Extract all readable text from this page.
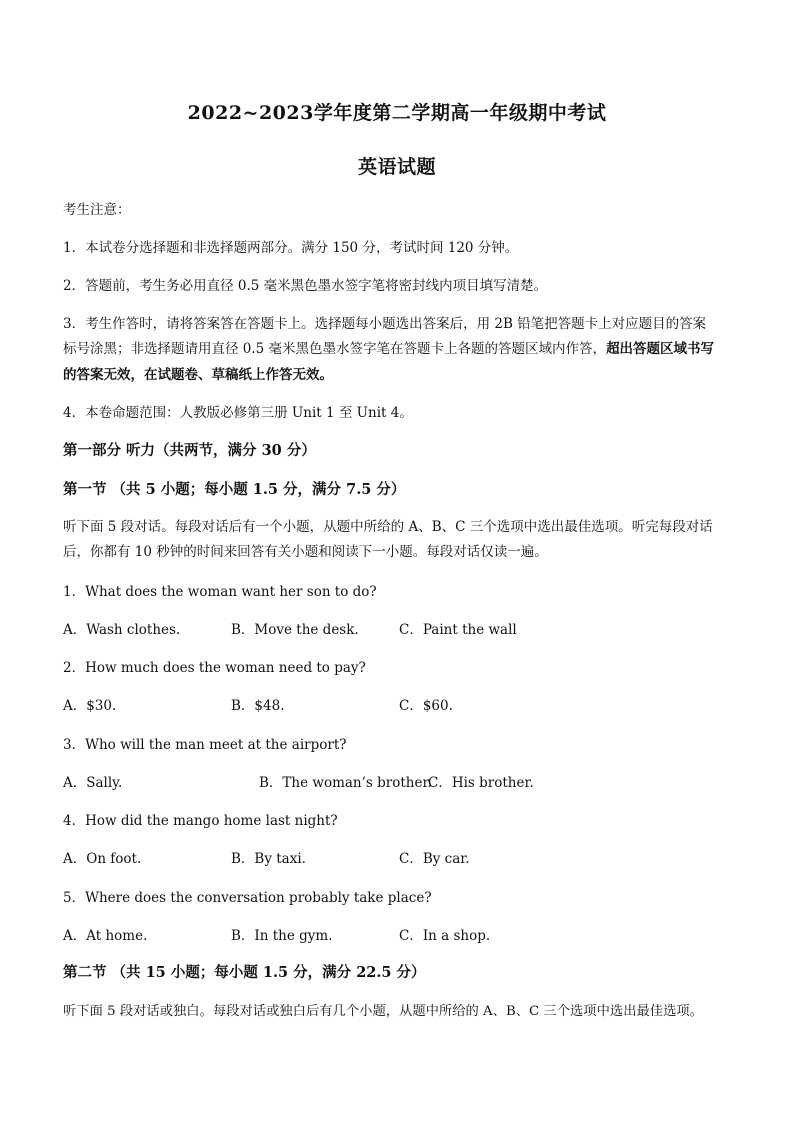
2022~2023学年度第二学期高一年级期中考试
英语试题
考生注意：
1．本试卷分选择题和非选择题两部分。满分 150 分，考试时间 120 分钟。
2．答题前，考生务必用直径 0.5 毫米黑色墨水签字笔将密封线内项目填写清楚。
3．考生作答时，请将答案答在答题卡上。选择题每小题选出答案后，用 2B 铅笔把答题卡上对应题目的答案
标号涂黑；非选择题请用直径 0.5 毫米黑色墨水签字笔在答题卡上各题的答题区域内作答，超出答题区域书写
的答案无效，在试题卷、草稿纸上作答无效。
4．本卷命题范围：人教版必修第三册 Unit 1 至 Unit 4。
第一部分 听力（共两节，满分 30 分）
第一节 （共 5 小题；每小题 1.5 分，满分 7.5 分）
听下面 5 段对话。每段对话后有一个小题，从题中所给的 A、B、C 三个选项中选出最佳选项。听完每段对话
后，你都有 10 秒钟的时间来回答有关小题和阅读下一小题。每段对话仅读一遍。
1．What does the woman want her son to do?
A．Wash clothes.	B．Move the desk.	C．Paint the wall
2．How much does the woman need to pay?
A．$30.	B．$48.	C．$60.
3．Who will the man meet at the airport?
A．Sally.	B．The woman’s brother.
C．His brother.
4．How did the mango home last night?
A．On foot.	B．By taxi.	C．By car.
5．Where does the conversation probably take place?
A．At home.	B．In the gym.	C．In a shop.
第二节 （共 15 小题；每小题 1.5 分，满分 22.5 分）
听下面 5 段对话或独白。每段对话或独白后有几个小题，从题中所给的 A、B、C 三个选项中选出最佳选项。
